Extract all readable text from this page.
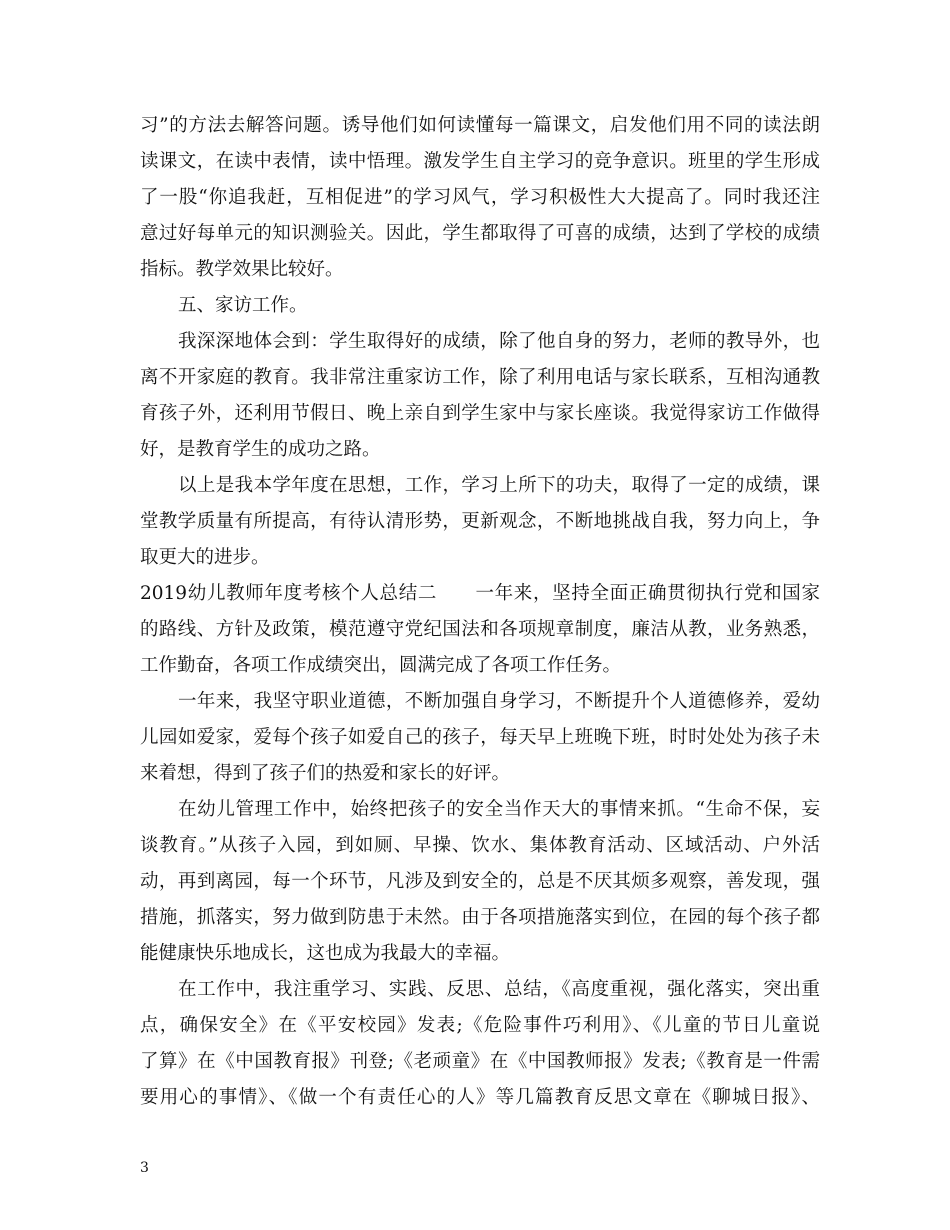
习”的方法去解答问题。诱导他们如何读懂每一篇课文，启发他们用不同的读法朗

读课文，在读中表情，读中悟理。激发学生自主学习的竞争意识。班里的学生形成

了一股“你追我赶，互相促进”的学习风气，学习积极性大大提高了。同时我还注

意过好每单元的知识测验关。因此，学生都取得了可喜的成绩，达到了学校的成绩

指标。教学效果比较好。

五、家访工作。

我深深地体会到：学生取得好的成绩，除了他自身的努力，老师的教导外，也

离不开家庭的教育。我非常注重家访工作，除了利用电话与家长联系，互相沟通教

育孩子外，还利用节假日、晚上亲自到学生家中与家长座谈。我觉得家访工作做得

好，是教育学生的成功之路。

以上是我本学年度在思想，工作，学习上所下的功夫，取得了一定的成绩，课

堂教学质量有所提高，有待认清形势，更新观念，不断地挑战自我，努力向上，争

取更大的进步。

2019幼儿教师年度考核个人总结二　　一年来，坚持全面正确贯彻执行党和国家

的路线、方针及政策，模范遵守党纪国法和各项规章制度，廉洁从教，业务熟悉，

工作勤奋，各项工作成绩突出，圆满完成了各项工作任务。

一年来，我坚守职业道德，不断加强自身学习，不断提升个人道德修养，爱幼

儿园如爱家，爱每个孩子如爱自己的孩子，每天早上班晚下班，时时处处为孩子未

来着想，得到了孩子们的热爱和家长的好评。

在幼儿管理工作中，始终把孩子的安全当作天大的事情来抓。“生命不保，妄

谈教育。”从孩子入园，到如厕、早操、饮水、集体教育活动、区域活动、户外活

动，再到离园，每一个环节，凡涉及到安全的，总是不厌其烦多观察，善发现，强

措施，抓落实，努力做到防患于未然。由于各项措施落实到位，在园的每个孩子都

能健康快乐地成长，这也成为我最大的幸福。

在工作中，我注重学习、实践、反思、总结，《高度重视，强化落实，突出重

点，确保安全》在《平安校园》发表;《危险事件巧利用》、《儿童的节日儿童说

了算》在《中国教育报》刊登;《老顽童》在《中国教师报》发表;《教育是一件需

要用心的事情》、《做一个有责任心的人》等几篇教育反思文章在《聊城日报》、

3
